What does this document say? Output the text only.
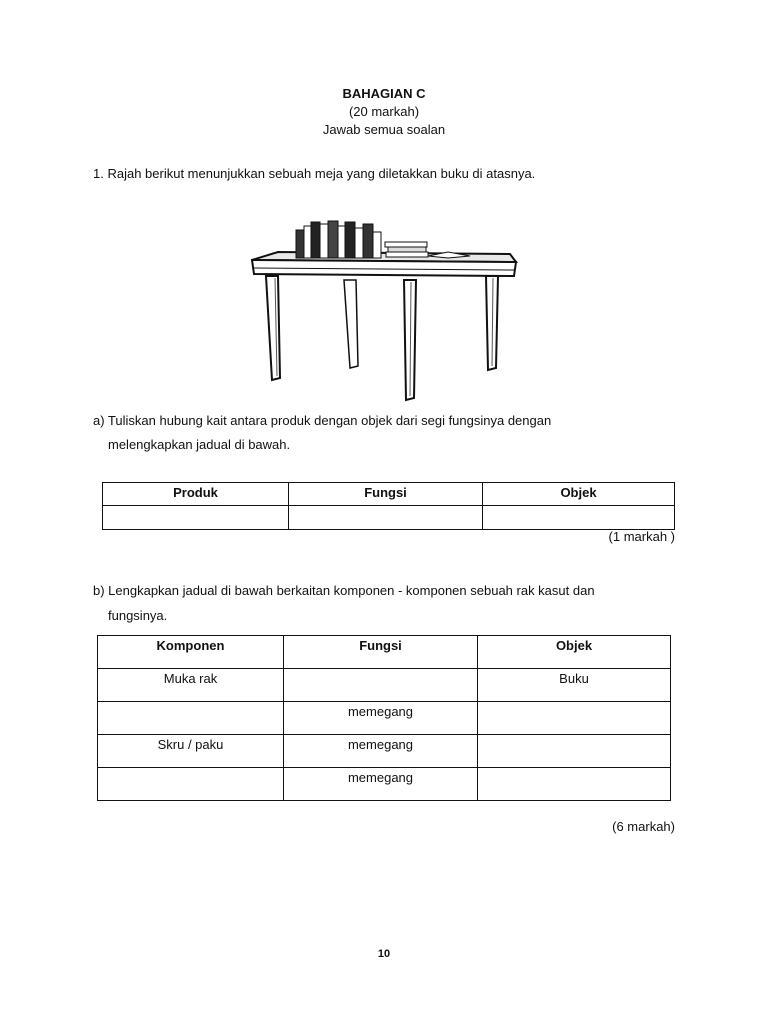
BAHAGIAN C
(20 markah)
Jawab semua soalan
1. Rajah berikut menunjukkan sebuah meja yang diletakkan buku di atasnya.
a) Tuliskan hubung kait antara produk dengan objek dari segi fungsinya dengan
melengkapkan jadual di bawah.
Produk	Fungsi	Objek

(1 markah )
b) Lengkapkan jadual di bawah berkaitan komponen - komponen sebuah rak kasut dan
fungsinya.
Komponen	Fungsi	Objek
Muka rak		Buku
	memegang	
Skru / paku	memegang	
	memegang	
(6 markah)
10
